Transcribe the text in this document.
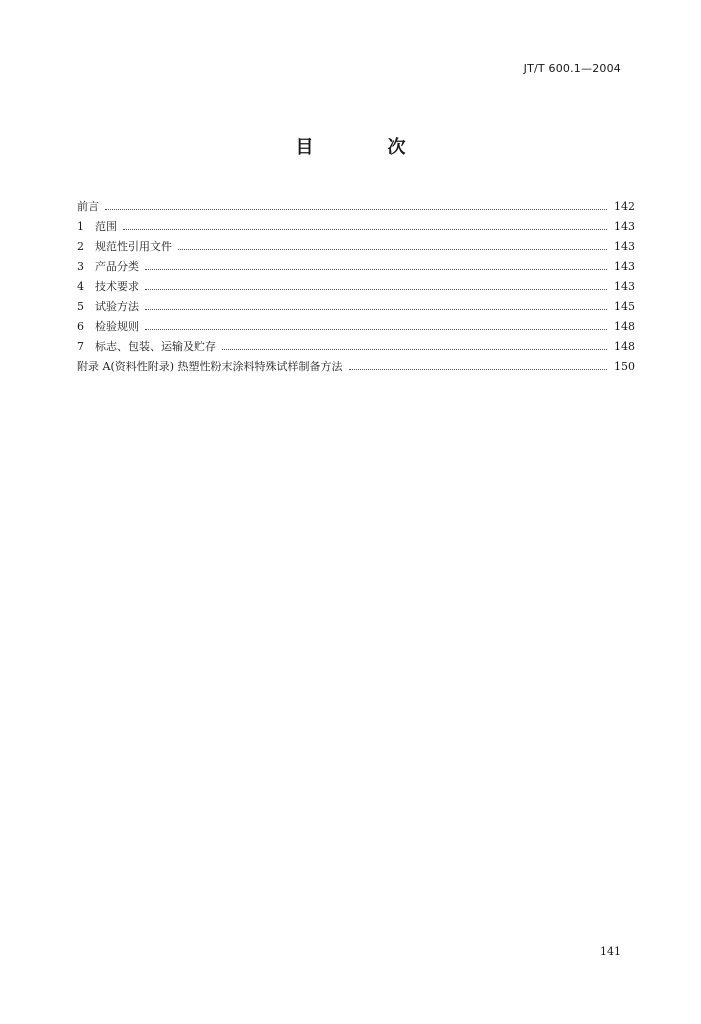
JT/T 600.1—2004
目　次
前言	142
1	范围	143
2	规范性引用文件	143
3	产品分类	143
4	技术要求	143
5	试验方法	145
6	检验规则	148
7	标志、包装、运输及贮存	148
附录 A(资料性附录) 热塑性粉末涂料特殊试样制备方法	150
141
